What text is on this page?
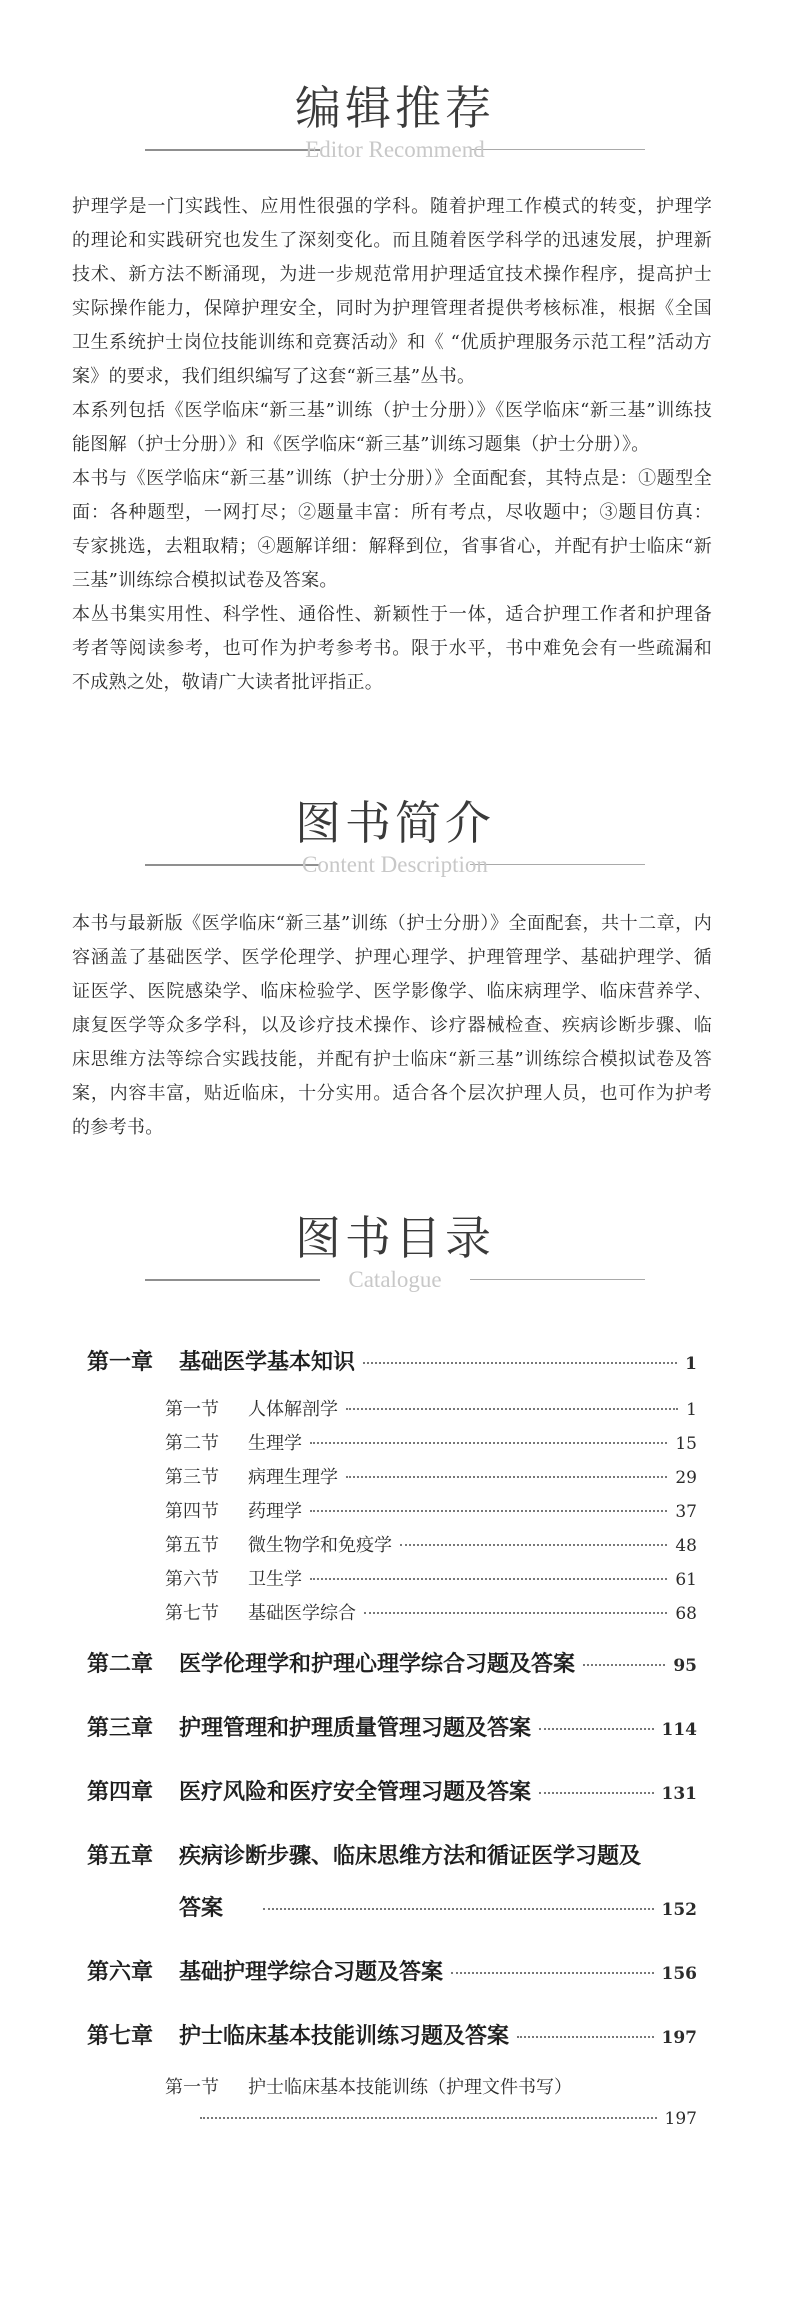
编辑推荐
Editor Recommend

护理学是一门实践性、应用性很强的学科。随着护理工作模式的转变，护理学的理论和实践研究也发生了深刻变化。而且随着医学科学的迅速发展，护理新技术、新方法不断涌现，为进一步规范常用护理适宜技术操作程序，提高护士实际操作能力，保障护理安全，同时为护理管理者提供考核标准，根据《全国卫生系统护士岗位技能训练和竞赛活动》和《 “优质护理服务示范工程”活动方案》的要求，我们组织编写了这套“新三基”丛书。

本系列包括《医学临床“新三基”训练（护士分册）》《医学临床“新三基”训练技能图解（护士分册）》和《医学临床“新三基”训练习题集（护士分册）》。

本书与《医学临床“新三基”训练（护士分册）》全面配套，其特点是：①题型全面：各种题型，一网打尽；②题量丰富：所有考点，尽收题中；③题目仿真：专家挑选，去粗取精；④题解详细：解释到位，省事省心，并配有护士临床“新三基”训练综合模拟试卷及答案。

本丛书集实用性、科学性、通俗性、新颖性于一体，适合护理工作者和护理备考者等阅读参考，也可作为护考参考书。限于水平，书中难免会有一些疏漏和不成熟之处，敬请广大读者批评指正。

图书简介
Content Description

本书与最新版《医学临床“新三基”训练（护士分册）》全面配套，共十二章，内容涵盖了基础医学、医学伦理学、护理心理学、护理管理学、基础护理学、循证医学、医院感染学、临床检验学、医学影像学、临床病理学、临床营养学、康复医学等众多学科，以及诊疗技术操作、诊疗器械检查、疾病诊断步骤、临床思维方法等综合实践技能，并配有护士临床“新三基”训练综合模拟试卷及答案，内容丰富，贴近临床，十分实用。适合各个层次护理人员，也可作为护考的参考书。

图书目录
Catalogue
第一章	基础医学基本知识	1
第一节	人体解剖学	1
第二节	生理学	15
第三节	病理生理学	29
第四节	药理学	37
第五节	微生物学和免疫学	48
第六节	卫生学	61
第七节	基础医学综合	68
第二章	医学伦理学和护理心理学综合习题及答案	95
第三章	护理管理和护理质量管理习题及答案	114
第四章	医疗风险和医疗安全管理习题及答案	131
第五章	疾病诊断步骤、临床思维方法和循证医学习题及
答案	152
第六章	基础护理学综合习题及答案	156
第七章	护士临床基本技能训练习题及答案	197
第一节	护士临床基本技能训练（护理文件书写）
197
